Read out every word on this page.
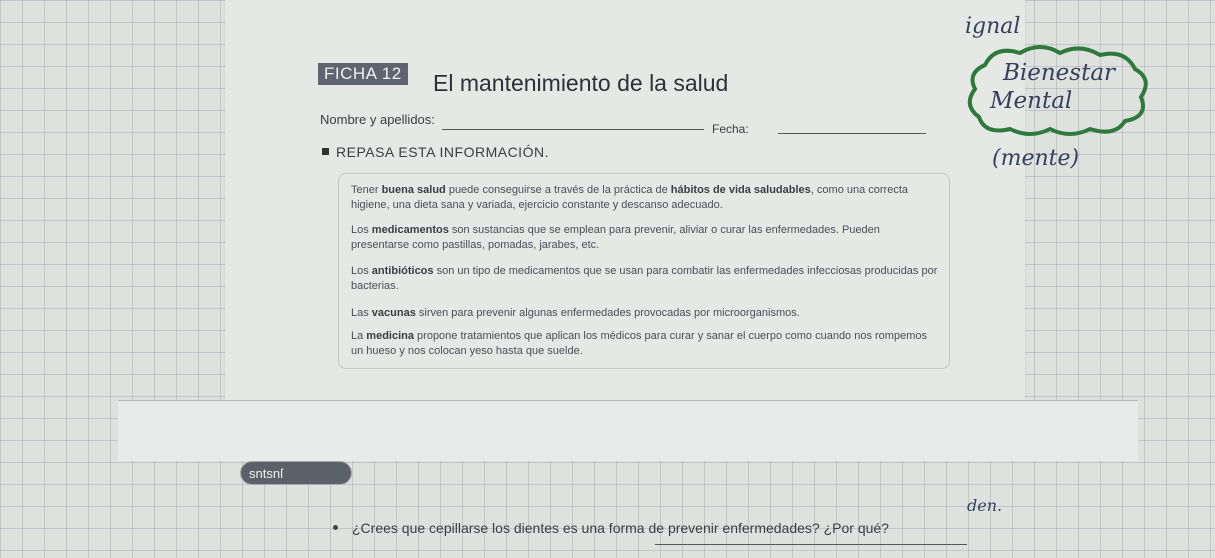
ignal
Bienestar
Mental
(mente)
FICHA 12 El mantenimiento de la salud
Nombre y apellidos:
Fecha:
REPASA ESTA INFORMACIÓN.
Tener buena salud puede conseguirse a través de la práctica de hábitos de vida saludables, como una correcta higiene, una dieta sana y variada, ejercicio constante y descanso adecuado.
Los medicamentos son sustancias que se emplean para prevenir, aliviar o curar las enfermedades. Pueden presentarse como pastillas, pomadas, jarabes, etc.
Los antibióticos son un tipo de medicamentos que se usan para combatir las enfermedades infecciosas producidas por bacterias.
Las vacunas sirven para prevenir algunas enfermedades provocadas por microorganismos.
La medicina propone tratamientos que aplican los médicos para curar y sanar el cuerpo como cuando nos rompemos un hueso y nos colocan yeso hasta que suelde.
sntsnſ
¿Crees que cepillarse los dientes es una forma de prevenir enfermedades? ¿Por qué?
den.
